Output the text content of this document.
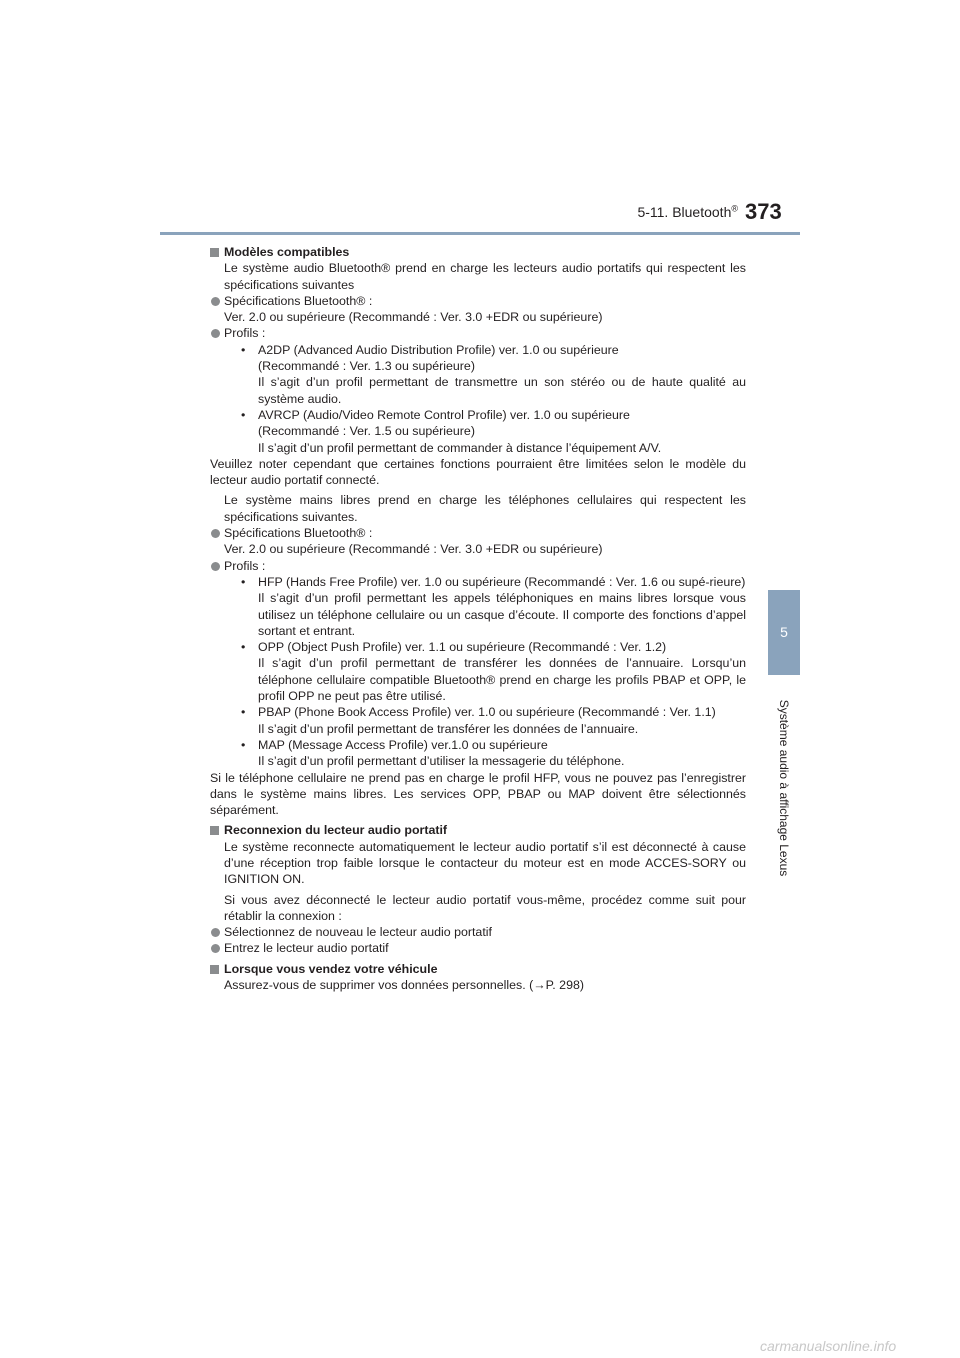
5-11. Bluetooth® 373
5
Système audio à affichage Lexus

Modèles compatibles

Le système audio Bluetooth® prend en charge les lecteurs audio portatifs qui respectent les spécifications suivantes

Spécifications Bluetooth® :
Ver. 2.0 ou supérieure (Recommandé : Ver. 3.0 +EDR ou supérieure)

Profils :

• A2DP (Advanced Audio Distribution Profile) ver. 1.0 ou supérieure
(Recommandé : Ver. 1.3 ou supérieure)
Il s’agit d’un profil permettant de transmettre un son stéréo ou de haute qualité au système audio.

• AVRCP (Audio/Video Remote Control Profile) ver. 1.0 ou supérieure
(Recommandé : Ver. 1.5 ou supérieure)
Il s’agit d’un profil permettant de commander à distance l’équipement A/V.

Veuillez noter cependant que certaines fonctions pourraient être limitées selon le modèle du lecteur audio portatif connecté.

Le système mains libres prend en charge les téléphones cellulaires qui respectent les spécifications suivantes.

Spécifications Bluetooth® :
Ver. 2.0 ou supérieure (Recommandé : Ver. 3.0 +EDR ou supérieure)

Profils :

• HFP (Hands Free Profile) ver. 1.0 ou supérieure (Recommandé : Ver. 1.6 ou supé-rieure)
Il s’agit d’un profil permettant les appels téléphoniques en mains libres lorsque vous utilisez un téléphone cellulaire ou un casque d’écoute. Il comporte des fonctions d’appel sortant et entrant.

• OPP (Object Push Profile) ver. 1.1 ou supérieure (Recommandé : Ver. 1.2)
Il s’agit d’un profil permettant de transférer les données de l’annuaire. Lorsqu’un téléphone cellulaire compatible Bluetooth® prend en charge les profils PBAP et OPP, le profil OPP ne peut pas être utilisé.

• PBAP (Phone Book Access Profile) ver. 1.0 ou supérieure (Recommandé : Ver. 1.1)
Il s’agit d’un profil permettant de transférer les données de l’annuaire.

• MAP (Message Access Profile) ver.1.0 ou supérieure
Il s’agit d’un profil permettant d’utiliser la messagerie du téléphone.

Si le téléphone cellulaire ne prend pas en charge le profil HFP, vous ne pouvez pas l’enregistrer dans le système mains libres. Les services OPP, PBAP ou MAP doivent être sélectionnés séparément.

Reconnexion du lecteur audio portatif

Le système reconnecte automatiquement le lecteur audio portatif s’il est déconnecté à cause d’une réception trop faible lorsque le contacteur du moteur est en mode ACCES-SORY ou IGNITION ON.

Si vous avez déconnecté le lecteur audio portatif vous-même, procédez comme suit pour rétablir la connexion :

Sélectionnez de nouveau le lecteur audio portatif

Entrez le lecteur audio portatif

Lorsque vous vendez votre véhicule

Assurez-vous de supprimer vos données personnelles. (→P. 298)

carmanualsonline.info
